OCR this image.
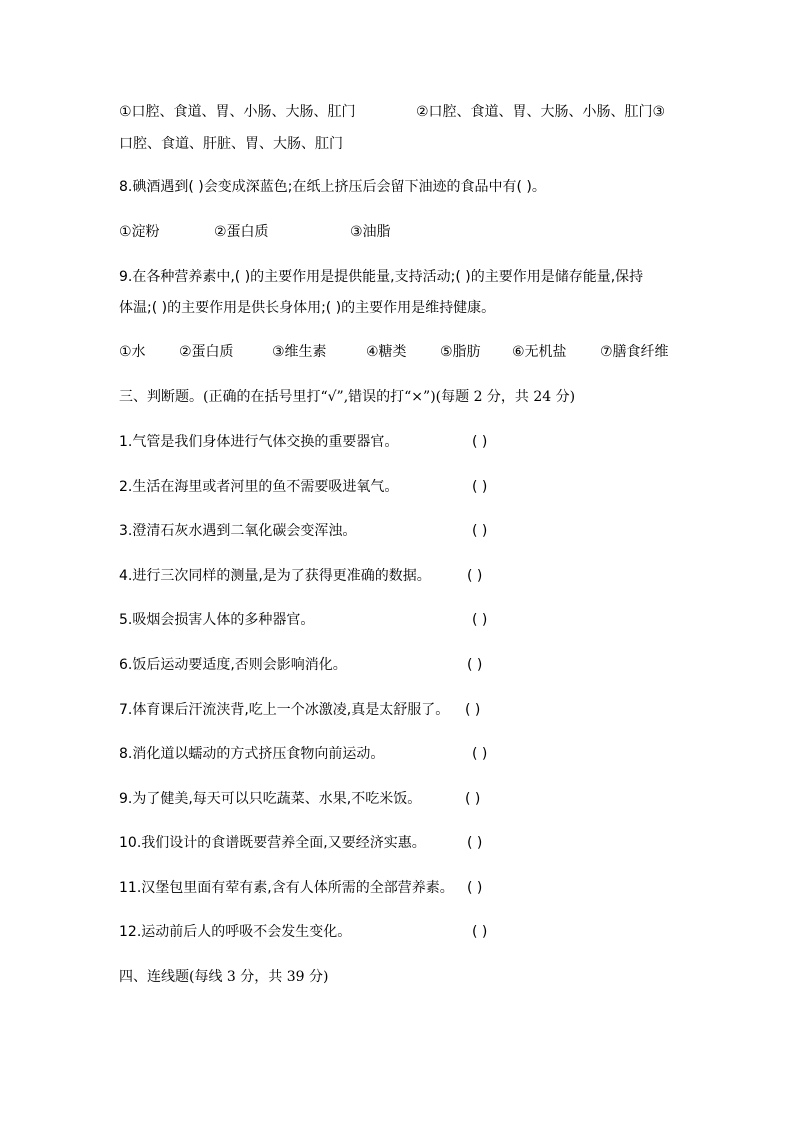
①口腔、食道、胃、小肠、大肠、肛门	②口腔、食道、胃、大肠、小肠、肛门③
口腔、食道、肝脏、胃、大肠、肛门
8.碘酒遇到( )会变成深蓝色;在纸上挤压后会留下油迹的食品中有( )。
①淀粉	②蛋白质	③油脂
9.在各种营养素中,( )的主要作用是提供能量,支持活动;( )的主要作用是储存能量,保持
体温;( )的主要作用是供长身体用;( )的主要作用是维持健康。
①水 ②蛋白质	③维生素	④糖类 ⑤脂肪 ⑥无机盐 ⑦膳食纤维
三、判断题。(正确的在括号里打“√”,错误的打“×”)(每题 2 分，共 24 分)
1.气管是我们身体进行气体交换的重要器官。	( )
2.生活在海里或者河里的鱼不需要吸进氧气。	( )
3.澄清石灰水遇到二氧化碳会变浑浊。	( )
4.进行三次同样的测量,是为了获得更准确的数据。	( )
5.吸烟会损害人体的多种器官。	( )
6.饭后运动要适度,否则会影响消化。	( )
7.体育课后汗流浃背,吃上一个冰激凌,真是太舒服了。 ( )
8.消化道以蠕动的方式挤压食物向前运动。	( )
9.为了健美,每天可以只吃蔬菜、水果,不吃米饭。	( )
10.我们设计的食谱既要营养全面,又要经济实惠。	( )
11.汉堡包里面有荤有素,含有人体所需的全部营养素。 ( )
12.运动前后人的呼吸不会发生变化。	( )
四、连线题(每线 3 分，共 39 分)
